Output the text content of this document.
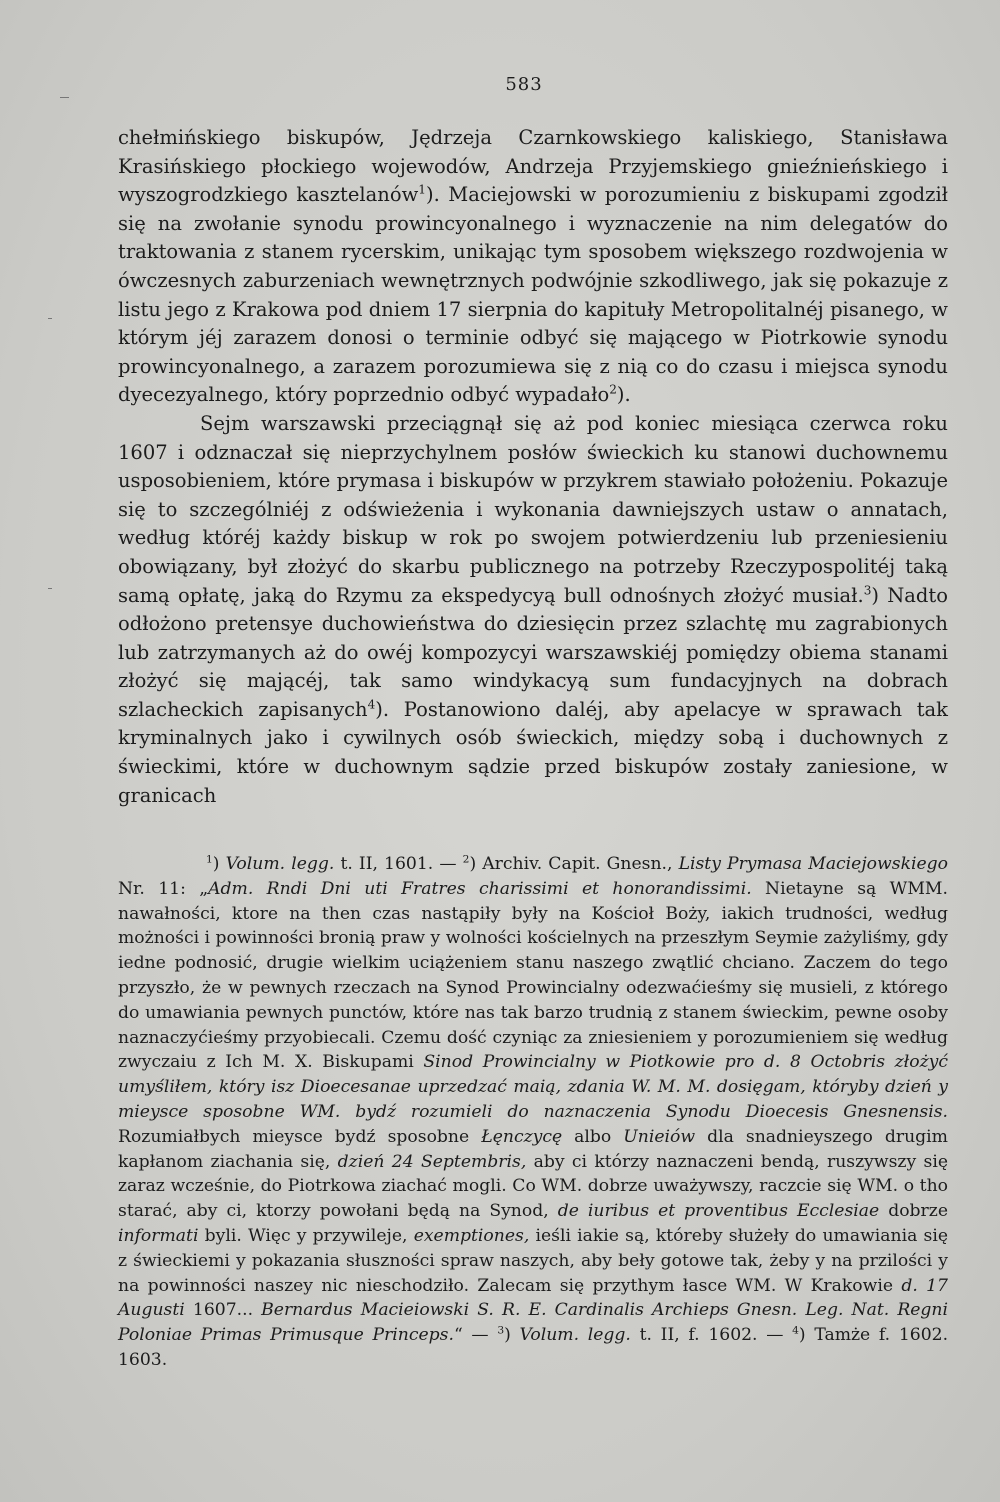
583

chełmińskiego biskupów, Jędrzeja Czarnkowskiego kaliskiego, Stanisława Krasińskiego płockiego wojewodów, Andrzeja Przyjemskiego gnieźnieńskiego i wyszogrodzkiego kasztelanów$^1$). Maciejowski w porozumieniu z biskupami zgodził się na zwołanie synodu prowincyonalnego i wyznaczenie na nim delegatów do traktowania z stanem rycerskim, unikając tym sposobem większego rozdwojenia w ówczesnych zaburzeniach wewnętrznych podwójnie szkodliwego, jak się pokazuje z listu jego z Krakowa pod dniem 17 sierpnia do kapituły Metropolitalnéj pisanego, w którym jéj zarazem donosi o terminie odbyć się mającego w Piotrkowie synodu prowincyonalnego, a zarazem porozumiewa się z nią co do czasu i miejsca synodu dyecezyalnego, który poprzednio odbyć wypadało$^2$).

Sejm warszawski przeciągnął się aż pod koniec miesiąca czerwca roku 1607 i odznaczał się nieprzychylnem posłów świeckich ku stanowi duchownemu usposobieniem, które prymasa i biskupów w przykrem stawiało położeniu. Pokazuje się to szczególniéj z odświeżenia i wykonania dawniejszych ustaw o annatach, według któréj każdy biskup w rok po swojem potwierdzeniu lub przeniesieniu obowiązany, był złożyć do skarbu publicznego na potrzeby Rzeczypospolitéj taką samą opłatę, jaką do Rzymu za ekspedycyą bull odnośnych złożyć musiał.$^3$) Nadto odłożono pretensye duchowieństwa do dziesięcin przez szlachtę mu zagrabionych lub zatrzymanych aż do owéj kompozycyi warszawskiéj pomiędzy obiema stanami złożyć się mającéj, tak samo windykacyą sum fundacyjnych na dobrach szlacheckich zapisanych$^4$). Postanowiono daléj, aby apelacye w sprawach tak kryminalnych jako i cywilnych osób świeckich, między sobą i duchownych z świeckimi, które w duchownym sądzie przed biskupów zostały zaniesione, w granicach

$^1$) Volum. legg. t. II, 1601. — $^2$) Archiv. Capit. Gnesn., Listy Prymasa Maciejowskiego Nr. 11: „Adm. Rndi Dni uti Fratres charissimi et honorandissimi. Nietayne są WMM. nawałności, ktore na then czas nastąpiły były na Kościoł Boży, iakich trudności, według możności i powinności bronią praw y wolności kościelnych na przeszłym Seymie zażyliśmy, gdy iedne podnosić, drugie wielkim uciążeniem stanu naszego zwątlić chciano. Zaczem do tego przyszło, że w pewnych rzeczach na Synod Prowincialny odezwaćieśmy się musieli, z którego do umawiania pewnych punctów, które nas tak barzo trudnią z stanem świeckim, pewne osoby naznaczyćieśmy przyobiecali. Czemu dość czyniąc za zniesieniem y porozumieniem się według zwyczaiu z Ich M. X. Biskupami Sinod Prowincialny w Piotkowie pro d. 8 Octobris złożyć umyśliłem, który isz Dioecesanae uprzedzać maią, zdania W. M. M. dosięgam, któryby dzień y mieysce sposobne WM. bydź rozumieli do naznaczenia Synodu Dioecesis Gnesnensis. Rozumiałbych mieysce bydź sposobne Łęnczycę albo Unieiów dla snadnieyszego drugim kapłanom ziachania się, dzień 24 Septembris, aby ci którzy naznaczeni bendą, ruszywszy się zaraz wcześnie, do Piotrkowa ziachać mogli. Co WM. dobrze uważywszy, raczcie się WM. o tho starać, aby ci, ktorzy powołani będą na Synod, de iuribus et proventibus Ecclesiae dobrze informati byli. Więc y przywileje, exemptiones, ieśli iakie są, któreby służeły do umawiania się z świeckiemi y pokazania słuszności spraw naszych, aby beły gotowe tak, żeby y na przilości y na powinności naszey nic nieschodziło. Zalecam się przythym łasce WM. W Krakowie d. 17 Augusti 1607... Bernardus Macieiowski S. R. E. Cardinalis Archieps Gnesn. Leg. Nat. Regni Poloniae Primas Primusque Princeps.“ — $^3$) Volum. legg. t. II, f. 1602. — $^4$) Tamże f. 1602. 1603.
